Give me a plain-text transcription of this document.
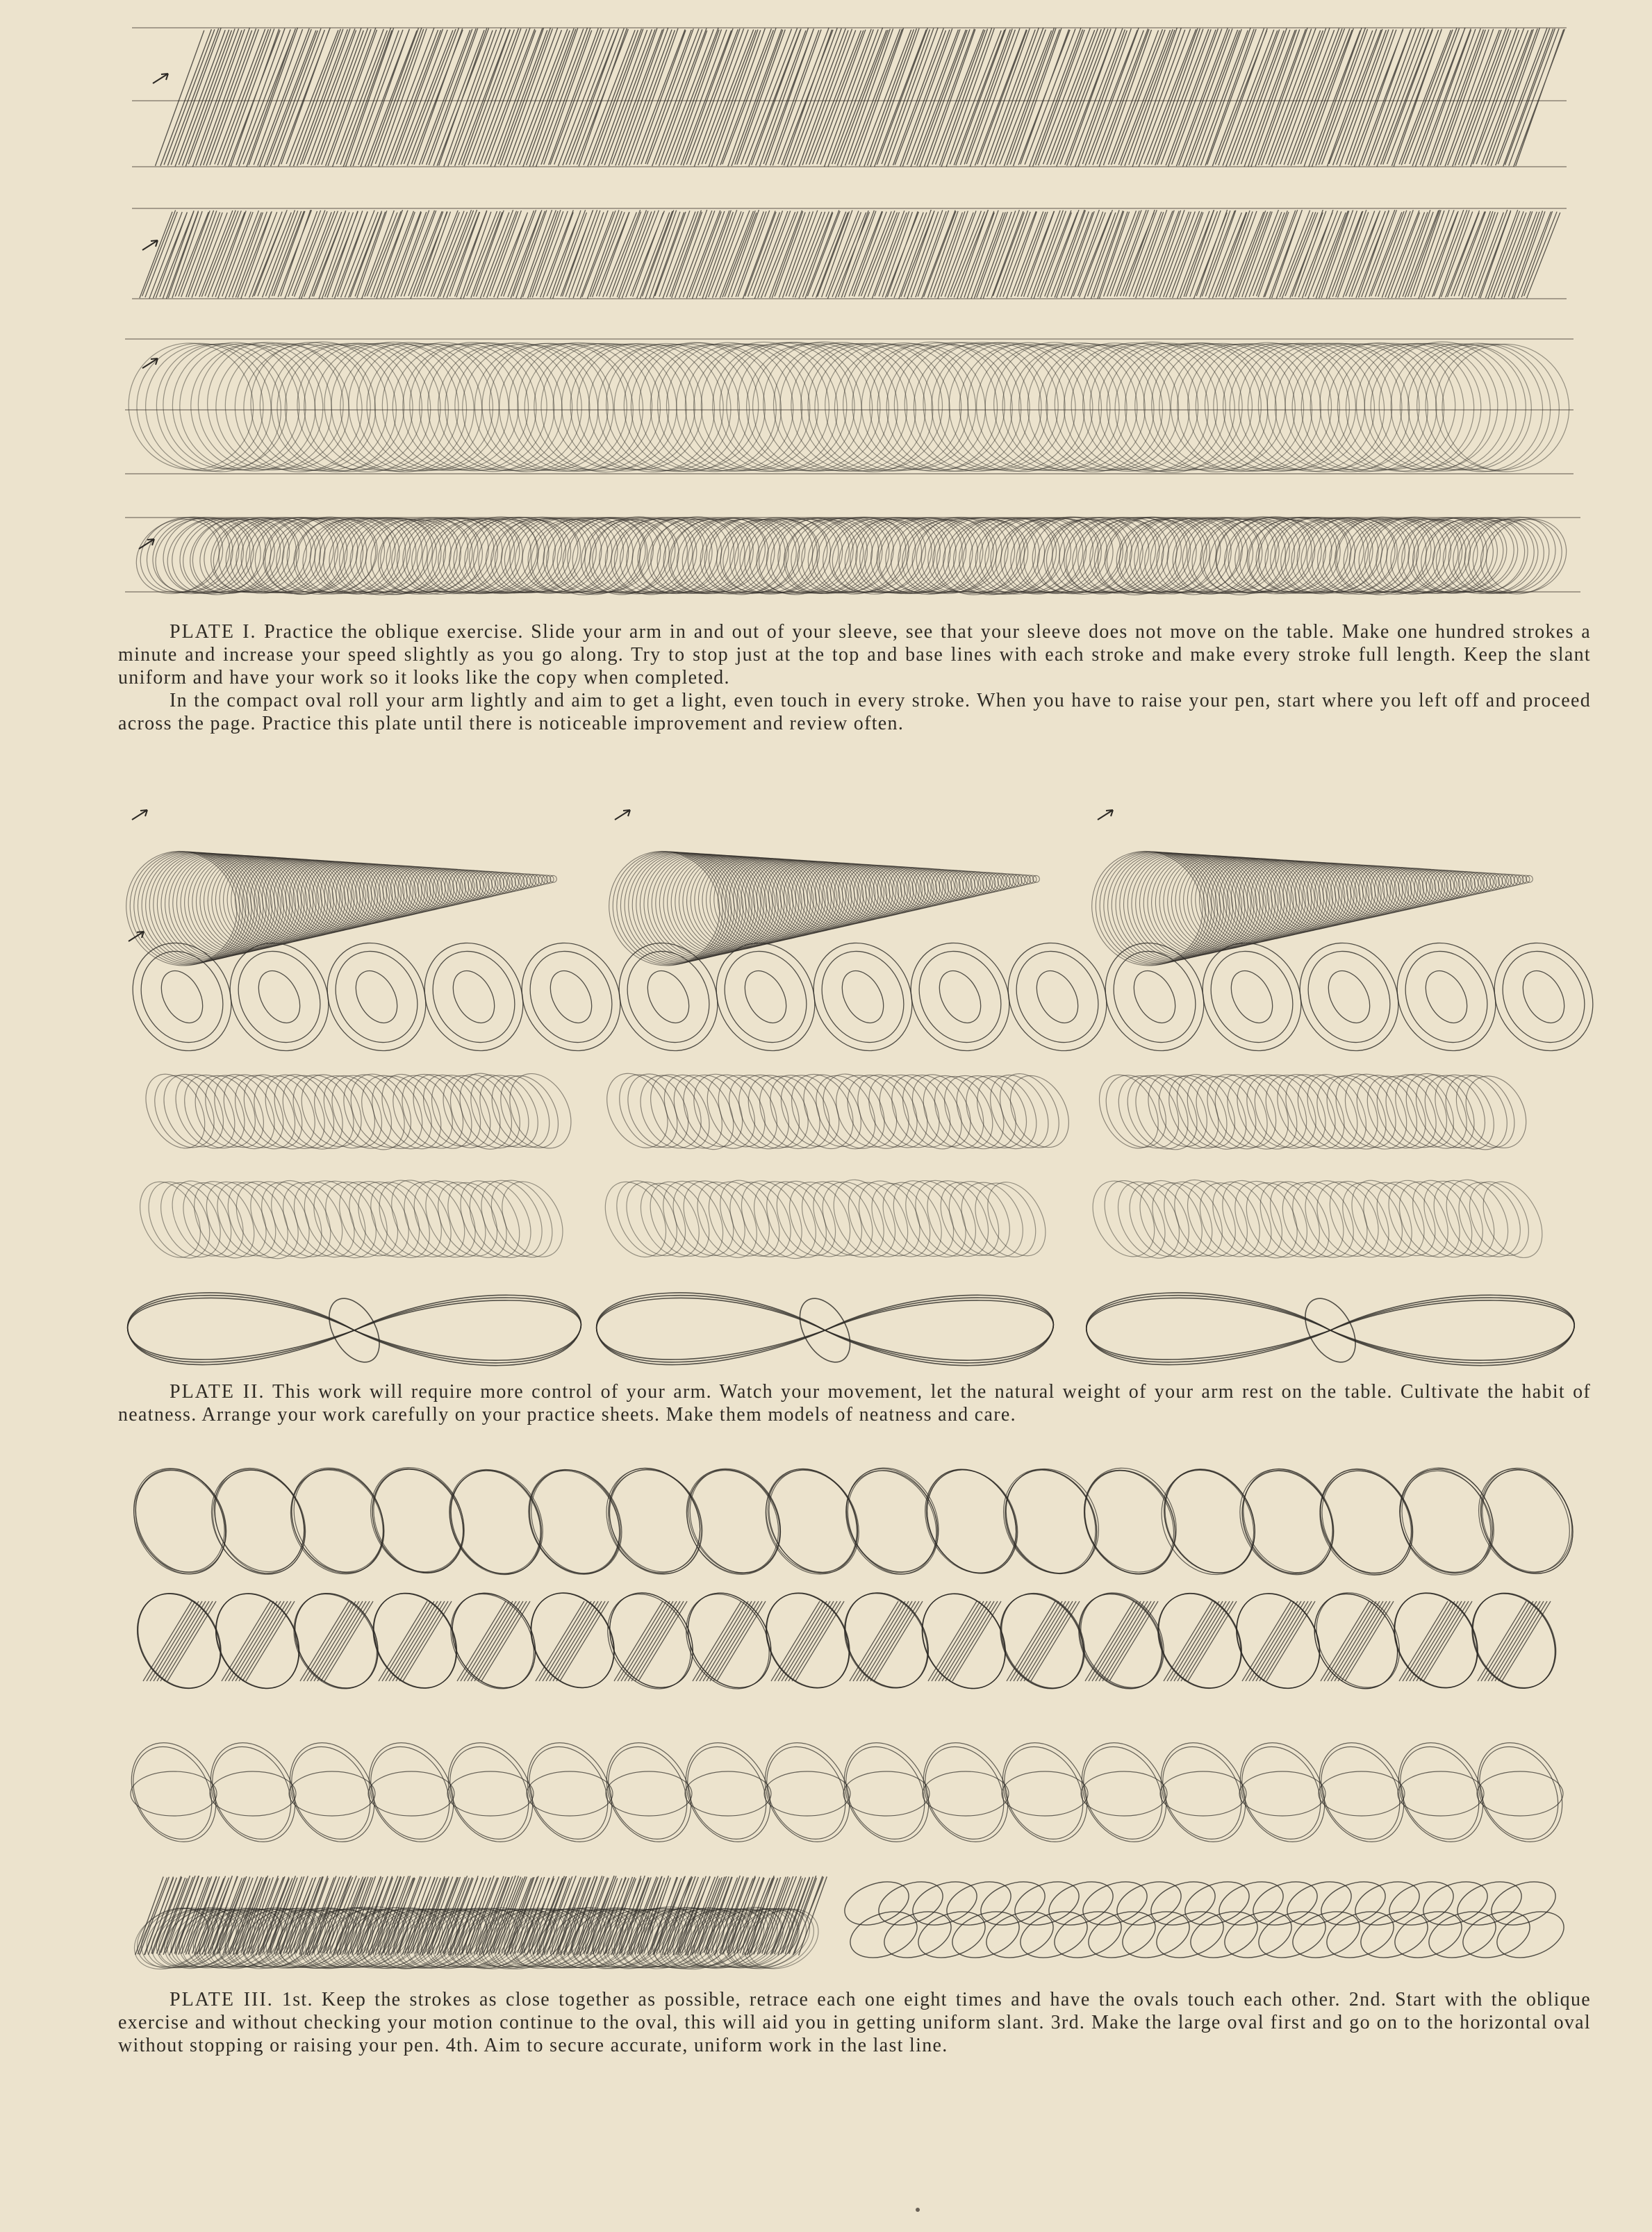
PLATE I. Practice the oblique exercise. Slide your arm in and out of your sleeve, see that your sleeve does not move on the table. Make one hundred strokes a minute and increase your speed slightly as you go along. Try to stop just at the top and base lines with each stroke and make every stroke full length. Keep the slant uniform and have your work so it looks like the copy when completed.

In the compact oval roll your arm lightly and aim to get a light, even touch in every stroke. When you have to raise your pen, start where you left off and proceed across the page. Practice this plate until there is noticeable improvement and review often.

PLATE II. This work will require more control of your arm. Watch your movement, let the natural weight of your arm rest on the table. Cultivate the habit of neatness. Arrange your work carefully on your practice sheets. Make them models of neatness and care.

PLATE III. 1st. Keep the strokes as close together as possible, retrace each one eight times and have the ovals touch each other. 2nd. Start with the oblique exercise and without checking your motion continue to the oval, this will aid you in getting uniform slant. 3rd. Make the large oval first and go on to the horizontal oval without stopping or raising your pen. 4th. Aim to secure accurate, uniform work in the last line.
